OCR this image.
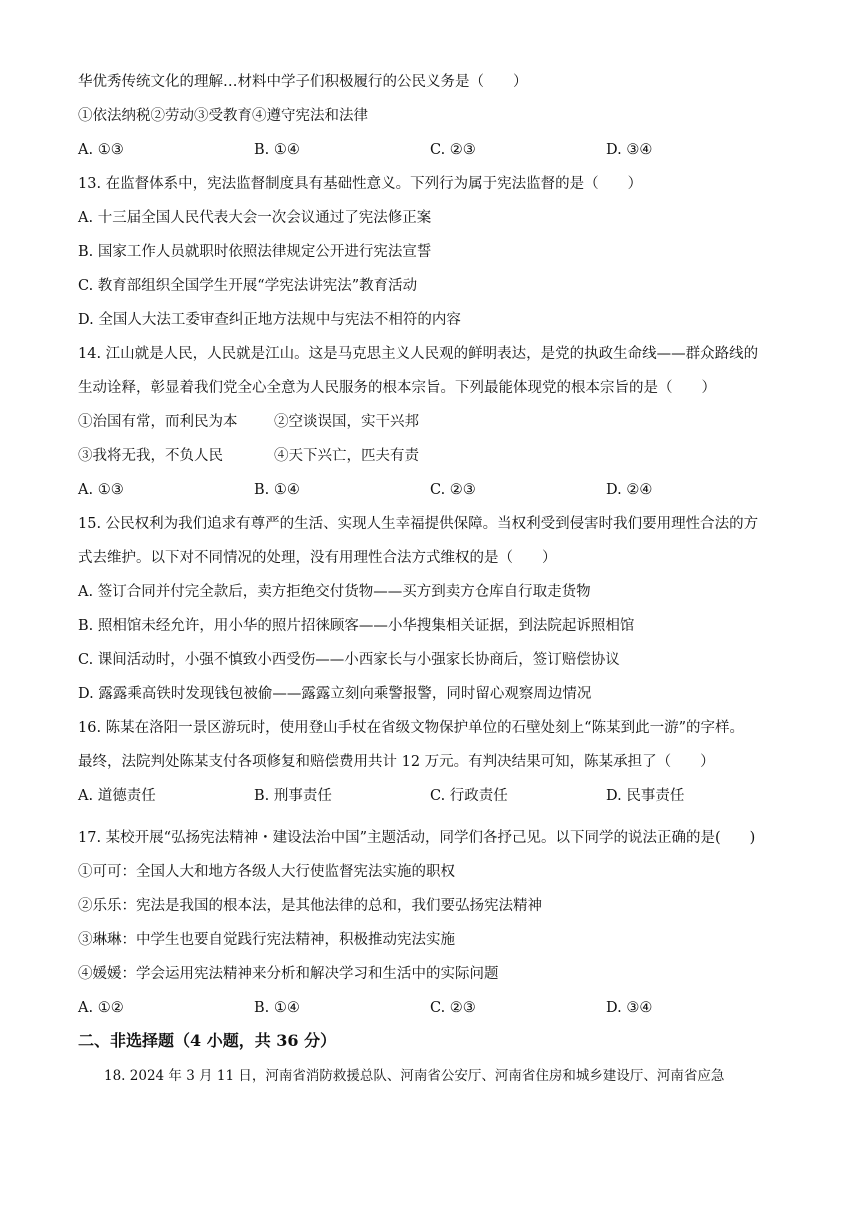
华优秀传统文化的理解…材料中学子们积极履行的公民义务是（　　）
①依法纳税②劳动③受教育④遵守宪法和法律
A. ①③	B. ①④	C. ②③	D. ③④
13. 在监督体系中，宪法监督制度具有基础性意义。下列行为属于宪法监督的是（　　）
A. 十三届全国人民代表大会一次会议通过了宪法修正案
B. 国家工作人员就职时依照法律规定公开进行宪法宣誓
C. 教育部组织全国学生开展“学宪法讲宪法”教育活动
D. 全国人大法工委审查纠正地方法规中与宪法不相符的内容
14. 江山就是人民，人民就是江山。这是马克思主义人民观的鲜明表达，是党的执政生命线——群众路线的
生动诠释，彰显着我们党全心全意为人民服务的根本宗旨。下列最能体现党的根本宗旨的是（　　）
①治国有常，而利民为本	②空谈误国，实干兴邦
③我将无我，不负人民	④天下兴亡，匹夫有责
A. ①③	B. ①④	C. ②③	D. ②④
15. 公民权利为我们追求有尊严的生活、实现人生幸福提供保障。当权利受到侵害时我们要用理性合法的方
式去维护。以下对不同情况的处理，没有用理性合法方式维权的是（　　）
A. 签订合同并付完全款后，卖方拒绝交付货物——买方到卖方仓库自行取走货物
B. 照相馆未经允许，用小华的照片招徕顾客——小华搜集相关证据，到法院起诉照相馆
C. 课间活动时，小强不慎致小西受伤——小西家长与小强家长协商后，签订赔偿协议
D. 露露乘高铁时发现钱包被偷——露露立刻向乘警报警，同时留心观察周边情况
16. 陈某在洛阳一景区游玩时，使用登山手杖在省级文物保护单位的石壁处刻上“陈某到此一游”的字样。
最终，法院判处陈某支付各项修复和赔偿费用共计 12 万元。有判决结果可知，陈某承担了（　　）
A. 道德责任	B. 刑事责任	C. 行政责任	D. 民事责任
17. 某校开展“弘扬宪法精神・建设法治中国”主题活动，同学们各抒己见。以下同学的说法正确的是(　　)
①可可：全国人大和地方各级人大行使监督宪法实施的职权
②乐乐：宪法是我国的根本法，是其他法律的总和，我们要弘扬宪法精神
③琳琳：中学生也要自觉践行宪法精神，积极推动宪法实施
④媛媛：学会运用宪法精神来分析和解决学习和生活中的实际问题
A. ①②	B. ①④	C. ②③	D. ③④
二、非选择题（4 小题，共 36 分）
18. 2024 年 3 月 11 日，河南省消防救援总队、河南省公安厅、河南省住房和城乡建设厅、河南省应急
